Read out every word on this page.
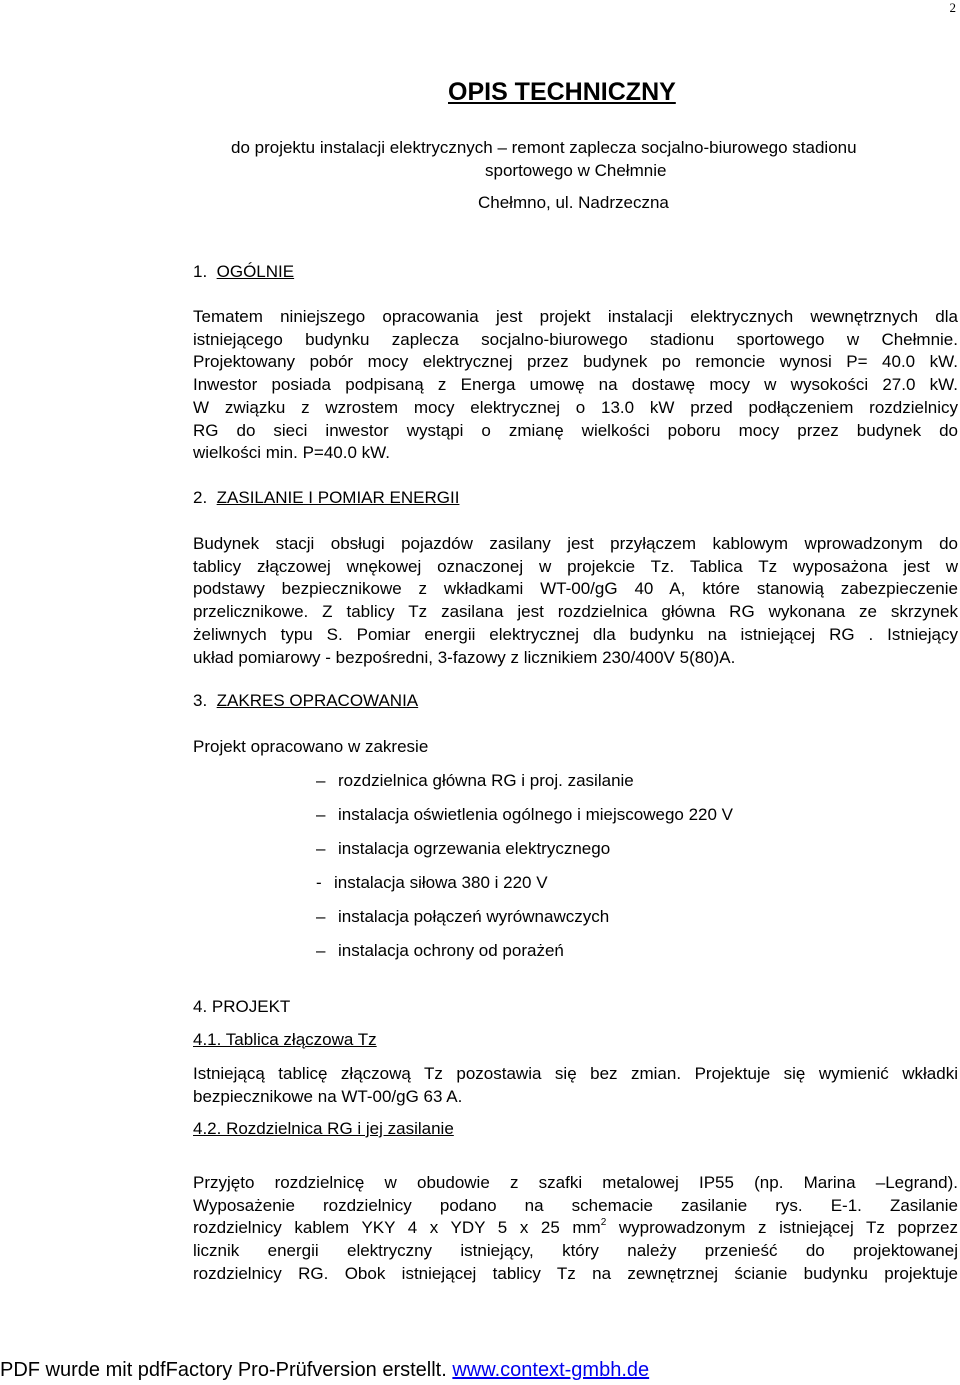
2
OPIS TECHNICZNY
do projektu instalacji elektrycznych – remont zaplecza socjalno-biurowego stadionu
sportowego w Chełmnie
Chełmno, ul. Nadrzeczna
1. OGÓLNIE
Tematem niniejszego opracowania jest projekt instalacji elektrycznych wewnętrznych dla
istniejącego budynku zaplecza socjalno-biurowego stadionu sportowego w Chełmnie.
Projektowany pobór mocy elektrycznej przez budynek po remoncie wynosi P= 40.0 kW.
Inwestor posiada podpisaną z Energa umowę na dostawę mocy w wysokości 27.0 kW.
W związku z wzrostem mocy elektrycznej o 13.0 kW przed podłączeniem rozdzielnicy
RG do sieci inwestor wystąpi o zmianę wielkości poboru mocy przez budynek do
wielkości min. P=40.0 kW.
2. ZASILANIE I POMIAR ENERGII
Budynek stacji obsługi pojazdów zasilany jest przyłączem kablowym wprowadzonym do
tablicy złączowej wnękowej oznaczonej w projekcie Tz. Tablica Tz wyposażona jest w
podstawy bezpiecznikowe z wkładkami WT-00/gG 40 A, które stanowią zabezpieczenie
przelicznikowe. Z tablicy Tz zasilana jest rozdzielnica główna RG wykonana ze skrzynek
żeliwnych typu S. Pomiar energii elektrycznej dla budynku na istniejącej RG . Istniejący
układ pomiarowy - bezpośredni, 3-fazowy z licznikiem 230/400V 5(80)A.
3. ZAKRES OPRACOWANIA
Projekt opracowano w zakresie
– rozdzielnica główna RG i proj. zasilanie
– instalacja oświetlenia ogólnego i miejscowego 220 V
– instalacja ogrzewania elektrycznego
- instalacja siłowa 380 i 220 V
– instalacja połączeń wyrównawczych
– instalacja ochrony od porażeń
4. PROJEKT
4.1. Tablica złączowa Tz
Istniejącą tablicę złączową Tz pozostawia się bez zmian. Projektuje się wymienić wkładki
bezpiecznikowe na WT-00/gG 63 A.
4.2. Rozdzielnica RG i jej zasilanie
Przyjęto rozdzielnicę w obudowie z szafki metalowej IP55 (np. Marina –Legrand).
Wyposażenie rozdzielnicy podano na schemacie zasilanie rys. E-1. Zasilanie
rozdzielnicy kablem YKY 4 x YDY 5 x 25 $mm^2$ wyprowadzonym z istniejącej Tz poprzez
licznik energii elektryczny istniejący, który należy przenieść do projektowanej
rozdzielnicy RG. Obok istniejącej tablicy Tz na zewnętrznej ścianie budynku projektuje
PDF wurde mit pdfFactory Pro-Prüfversion erstellt. www.context-gmbh.de
